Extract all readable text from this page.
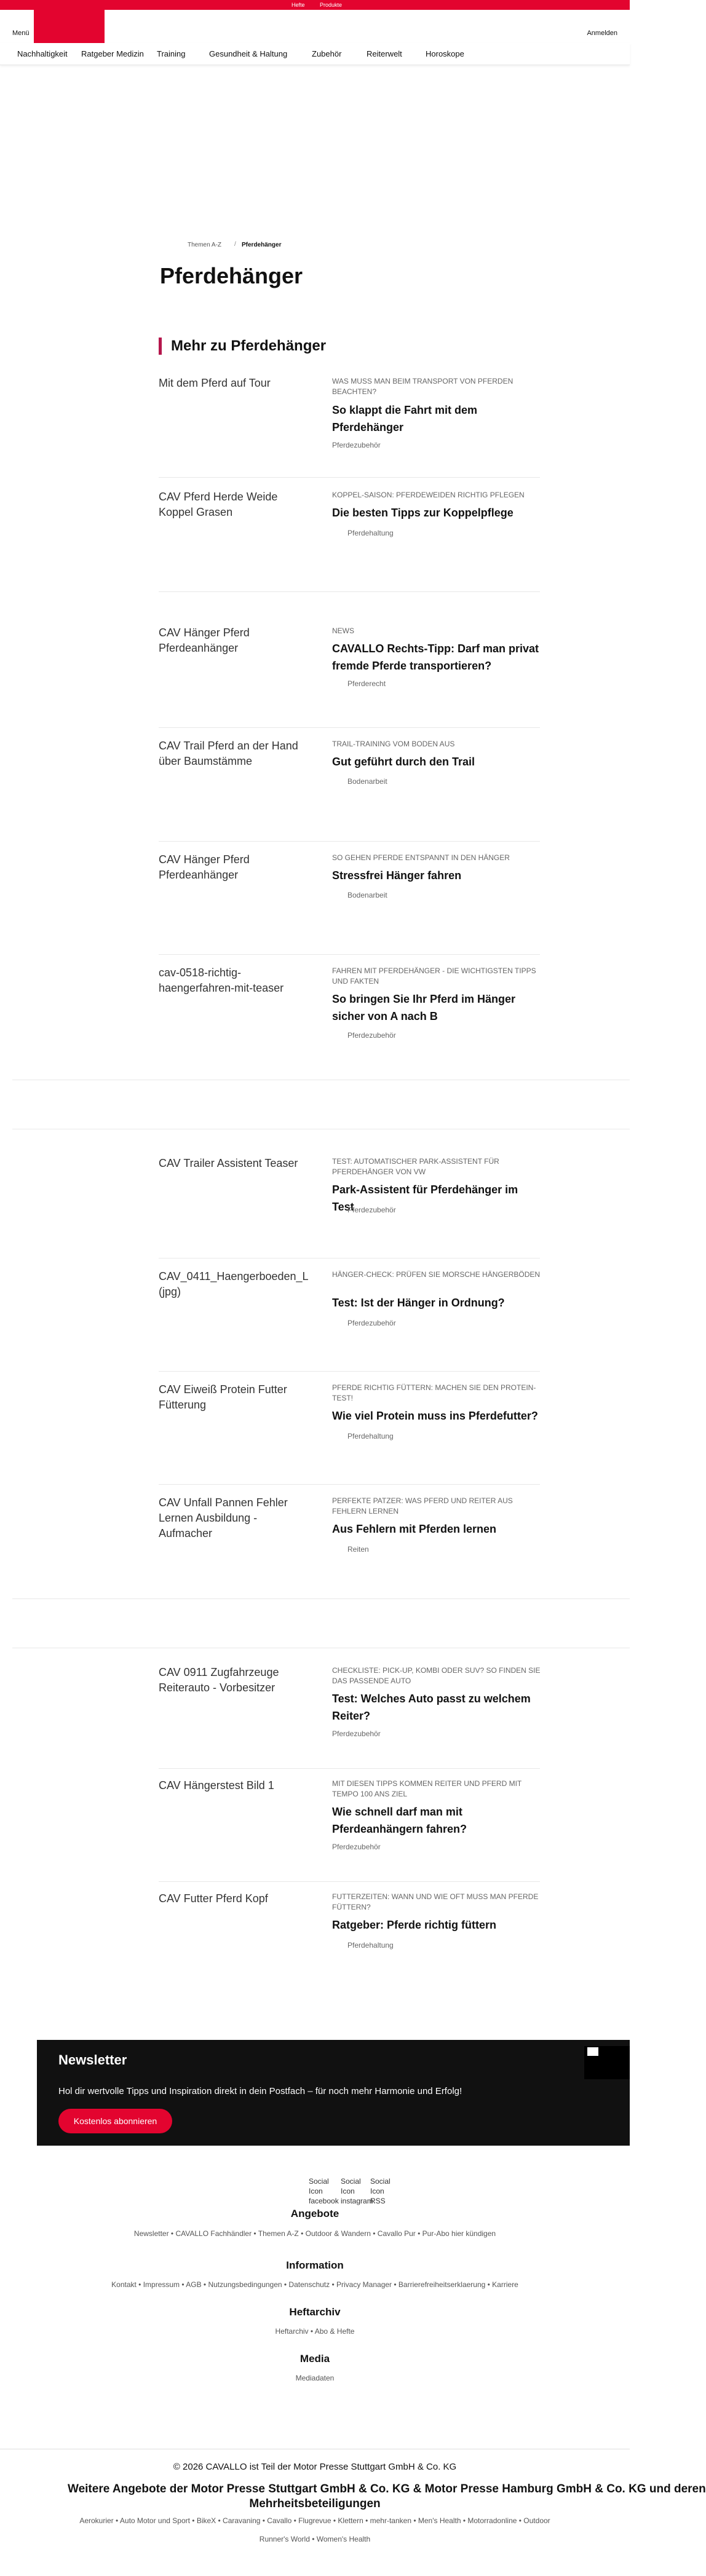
Hefte	Produkte
Menü	Anmelden
Nachhaltigkeit Ratgeber Medizin Training	Gesundheit & Haltung	Zubehör	Reiterwelt	Horoskope
Themen A-Z / Pferdehänger
Pferdehänger
Mehr zu Pferdehänger
Mit dem Pferd auf Tour	WAS MUSS MAN BEIM TRANSPORT VON PFERDEN BEACHTEN?
So klappt die Fahrt mit dem Pferdehänger
Pferdezubehör
CAV Pferd Herde Weide Koppel Grasen
KOPPEL-SAISON: PFERDEWEIDEN RICHTIG PFLEGEN
Die besten Tipps zur Koppelpflege
Pferdehaltung
CAV Hänger Pferd Pferdeanhänger
NEWS
CAVALLO Rechts-Tipp: Darf man privat fremde Pferde transportieren?
Pferderecht
CAV Trail Pferd an der Hand über Baumstämme
TRAIL-TRAINING VOM BODEN AUS
Gut geführt durch den Trail
Bodenarbeit
CAV Hänger Pferd Pferdeanhänger
SO GEHEN PFERDE ENTSPANNT IN DEN HÄNGER
Stressfrei Hänger fahren
Bodenarbeit
cav-0518-richtig-haengerfahren-mit-teaser
FAHREN MIT PFERDEHÄNGER - DIE WICHTIGSTEN TIPPS UND FAKTEN
So bringen Sie Ihr Pferd im Hänger sicher von A nach B
Pferdezubehör
CAV Trailer Assistent Teaser	TEST: AUTOMATISCHER PARK-ASSISTENT FÜR PFERDEHÄNGER VON VW
Park-Assistent für Pferdehänger im Test
Pferdezubehör
CAV_0411_Haengerboeden_L (jpg)
HÄNGER-CHECK: PRÜFEN SIE MORSCHE HÄNGERBÖDEN
Test: Ist der Hänger in Ordnung?
Pferdezubehör
CAV Eiweiß Protein Futter Fütterung
PFERDE RICHTIG FÜTTERN: MACHEN SIE DEN PROTEIN-TEST!
Wie viel Protein muss ins Pferdefutter?
Pferdehaltung
CAV Unfall Pannen Fehler Lernen Ausbildung - Aufmacher
PERFEKTE PATZER: WAS PFERD UND REITER AUS FEHLERN LERNEN
Aus Fehlern mit Pferden lernen
Reiten
CAV 0911 Zugfahrzeuge Reiterauto - Vorbesitzer
CHECKLISTE: PICK-UP, KOMBI ODER SUV? SO FINDEN SIE DAS PASSENDE AUTO
Test: Welches Auto passt zu welchem Reiter?
Pferdezubehör
CAV Hängerstest Bild 1	MIT DIESEN TIPPS KOMMEN REITER UND PFERD MIT TEMPO 100 ANS ZIEL
Wie schnell darf man mit Pferdeanhängern fahren?
Pferdezubehör
CAV Futter Pferd Kopf	FUTTERZEITEN: WANN UND WIE OFT MUSS MAN PFERDE FÜTTERN?
Ratgeber: Pferde richtig füttern
Pferdehaltung
Newsletter
Hol dir wertvolle Tipps und Inspiration direkt in dein Postfach – für noch mehr Harmonie und Erfolg!
Kostenlos abonnieren
Social Icon facebook
Social Icon instagram
Social Icon RSS
Angebote
Newsletter • CAVALLO Fachhändler • Themen A-Z • Outdoor & Wandern • Cavallo Pur • Pur-Abo hier kündigen
Information
Kontakt • Impressum • AGB • Nutzungsbedingungen • Datenschutz • Privacy Manager • Barrierefreiheitserklaerung • Karriere
Heftarchiv
Heftarchiv • Abo & Hefte
Media
Mediadaten
© 2026 CAVALLO ist Teil der Motor Presse Stuttgart GmbH & Co. KG
Weitere Angebote der Motor Presse Stuttgart GmbH & Co. KG & Motor Presse Hamburg GmbH & Co. KG und deren
Mehrheitsbeteiligungen
Aerokurier • Auto Motor und Sport • BikeX • Caravaning • Cavallo • Flugrevue • Klettern • mehr-tanken • Men's Health • Motorradonline • Outdoor
Runner's World • Women's Health
